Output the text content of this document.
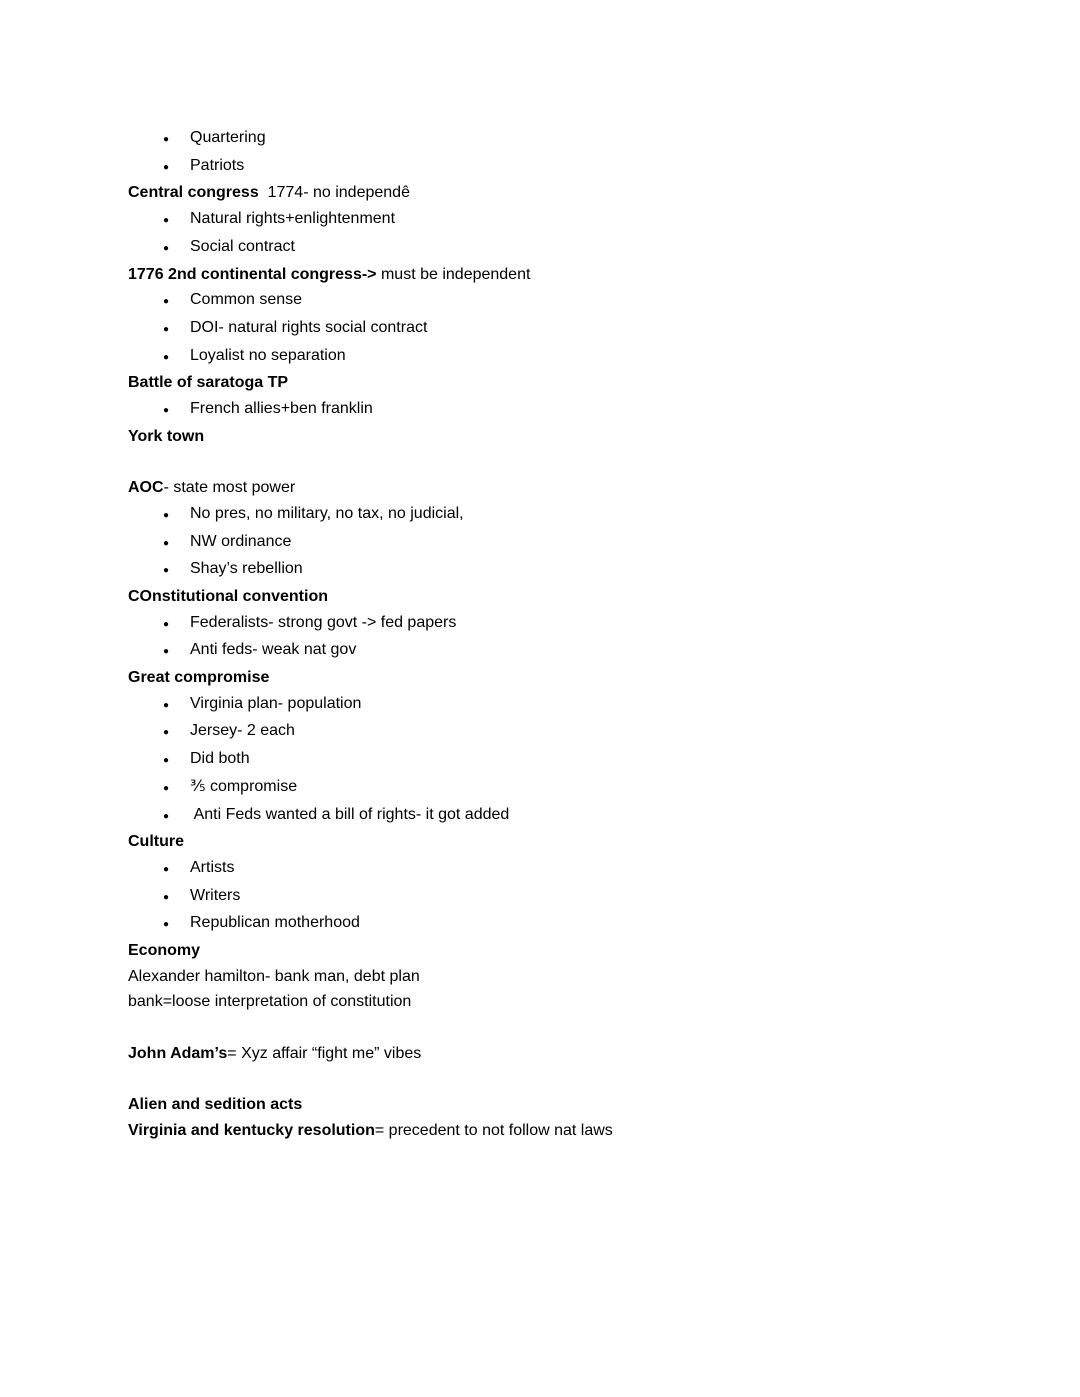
● Quartering
● Patriots
Central congress  1774- no independê
● Natural rights+enlightenment
● Social contract
1776 2nd continental congress-> must be independent
● Common sense
● DOI- natural rights social contract
● Loyalist no separation
Battle of saratoga TP
● French allies+ben franklin
York town
AOC- state most power
● No pres, no military, no tax, no judicial,
● NW ordinance
● Shay’s rebellion
COnstitutional convention
● Federalists- strong govt -> fed papers
● Anti feds- weak nat gov
Great compromise
● Virginia plan- population
● Jersey- 2 each
● Did both
● ⅗ compromise
● Anti Feds wanted a bill of rights- it got added
Culture
● Artists
● Writers
● Republican motherhood
Economy
Alexander hamilton- bank man, debt plan
bank=loose interpretation of constitution
John Adam’s= Xyz affair “fight me” vibes
Alien and sedition acts
Virginia and kentucky resolution= precedent to not follow nat laws
